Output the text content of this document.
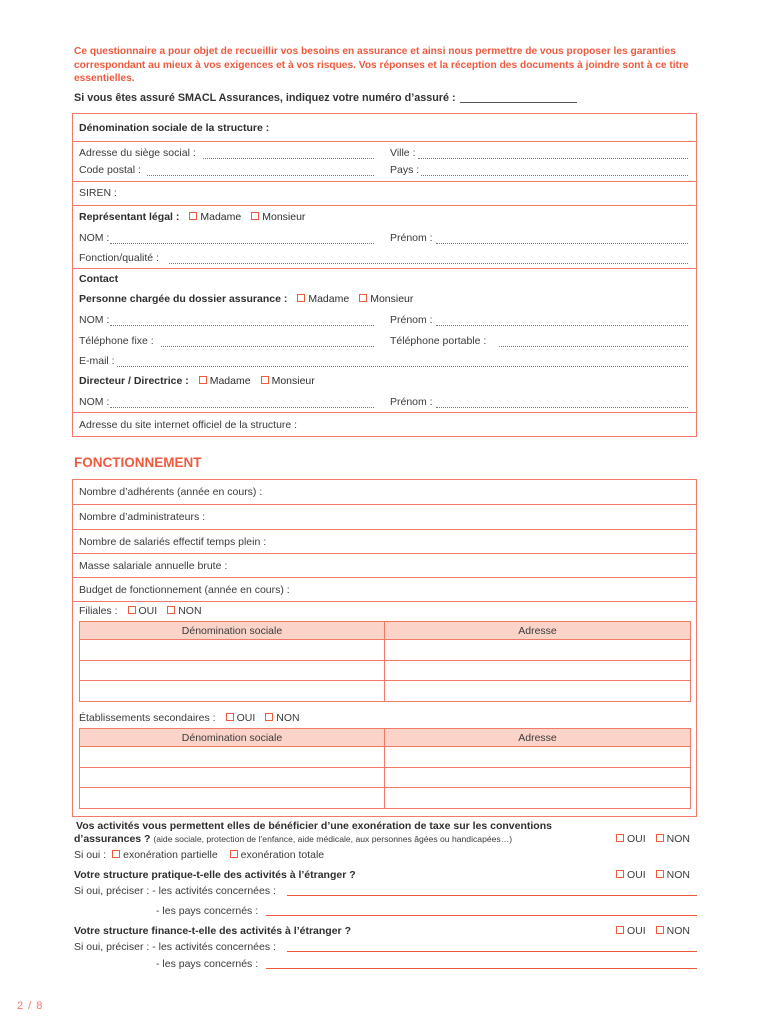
Ce questionnaire a pour objet de recueillir vos besoins en assurance et ainsi nous permettre de vous proposer les garanties correspondant au mieux à vos exigences et à vos risques. Vos réponses et la réception des documents à joindre sont à ce titre essentielles.
Si vous êtes assuré SMACL Assurances, indiquez votre numéro d’assuré :
Dénomination sociale de la structure :
Adresse du siège social :	Ville :
Code postal :	Pays :
SIREN :
Représentant légal : Madame Monsieur
NOM :	Prénom :
Fonction/qualité :
Contact
Personne chargée du dossier assurance : Madame Monsieur
NOM :	Prénom :
Téléphone fixe :	Téléphone portable :
E-mail :
Directeur / Directrice : Madame Monsieur
NOM :	Prénom :
Adresse du site internet officiel de la structure :
FONCTIONNEMENT
Nombre d’adhérents (année en cours) :
Nombre d’administrateurs :
Nombre de salariés effectif temps plein :
Masse salariale annuelle brute :
Budget de fonctionnement (année en cours) :
Filiales : OUI NON
Dénomination sociale	Adresse

Établissements secondaires : OUI NON
Dénomination sociale	Adresse

Vos activités vous permettent elles de bénéficier d’une exonération de taxe sur les conventions
d’assurances ? (aide sociale, protection de l’enfance, aide médicale, aux personnes âgées ou handicapées…)	OUI NON
Si oui : exonération partielle exonération totale
Votre structure pratique-t-elle des activités à l’étranger ?	OUI NON
Si oui, préciser : - les activités concernées :
- les pays concernés :
Votre structure finance-t-elle des activités à l’étranger ?	OUI NON
Si oui, préciser : - les activités concernées :
- les pays concernés :
2 / 8
